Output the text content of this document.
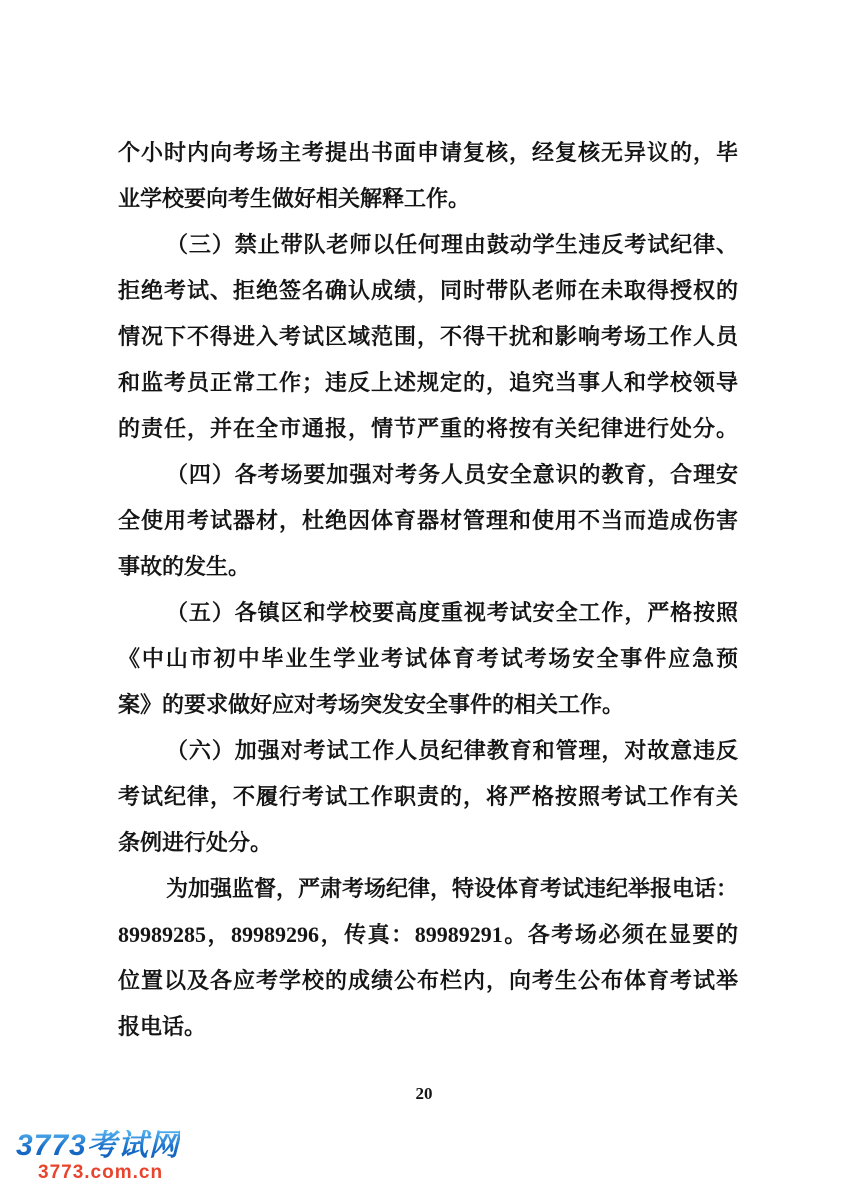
个小时内向考场主考提出书面申请复核，经复核无异议的，毕
业学校要向考生做好相关解释工作。
（三）禁止带队老师以任何理由鼓动学生违反考试纪律、
拒绝考试、拒绝签名确认成绩，同时带队老师在未取得授权的
情况下不得进入考试区域范围，不得干扰和影响考场工作人员
和监考员正常工作；违反上述规定的，追究当事人和学校领导
的责任，并在全市通报，情节严重的将按有关纪律进行处分。
（四）各考场要加强对考务人员安全意识的教育，合理安
全使用考试器材，杜绝因体育器材管理和使用不当而造成伤害
事故的发生。
（五）各镇区和学校要高度重视考试安全工作，严格按照
《中山市初中毕业生学业考试体育考试考场安全事件应急预
案》的要求做好应对考场突发安全事件的相关工作。
（六）加强对考试工作人员纪律教育和管理，对故意违反
考试纪律，不履行考试工作职责的，将严格按照考试工作有关
条例进行处分。
为加强监督，严肃考场纪律，特设体育考试违纪举报电话：
89989285，89989296，传真：89989291。各考场必须在显要的
位置以及各应考学校的成绩公布栏内，向考生公布体育考试举
报电话。
20
3773考试网
3773.com.cn
